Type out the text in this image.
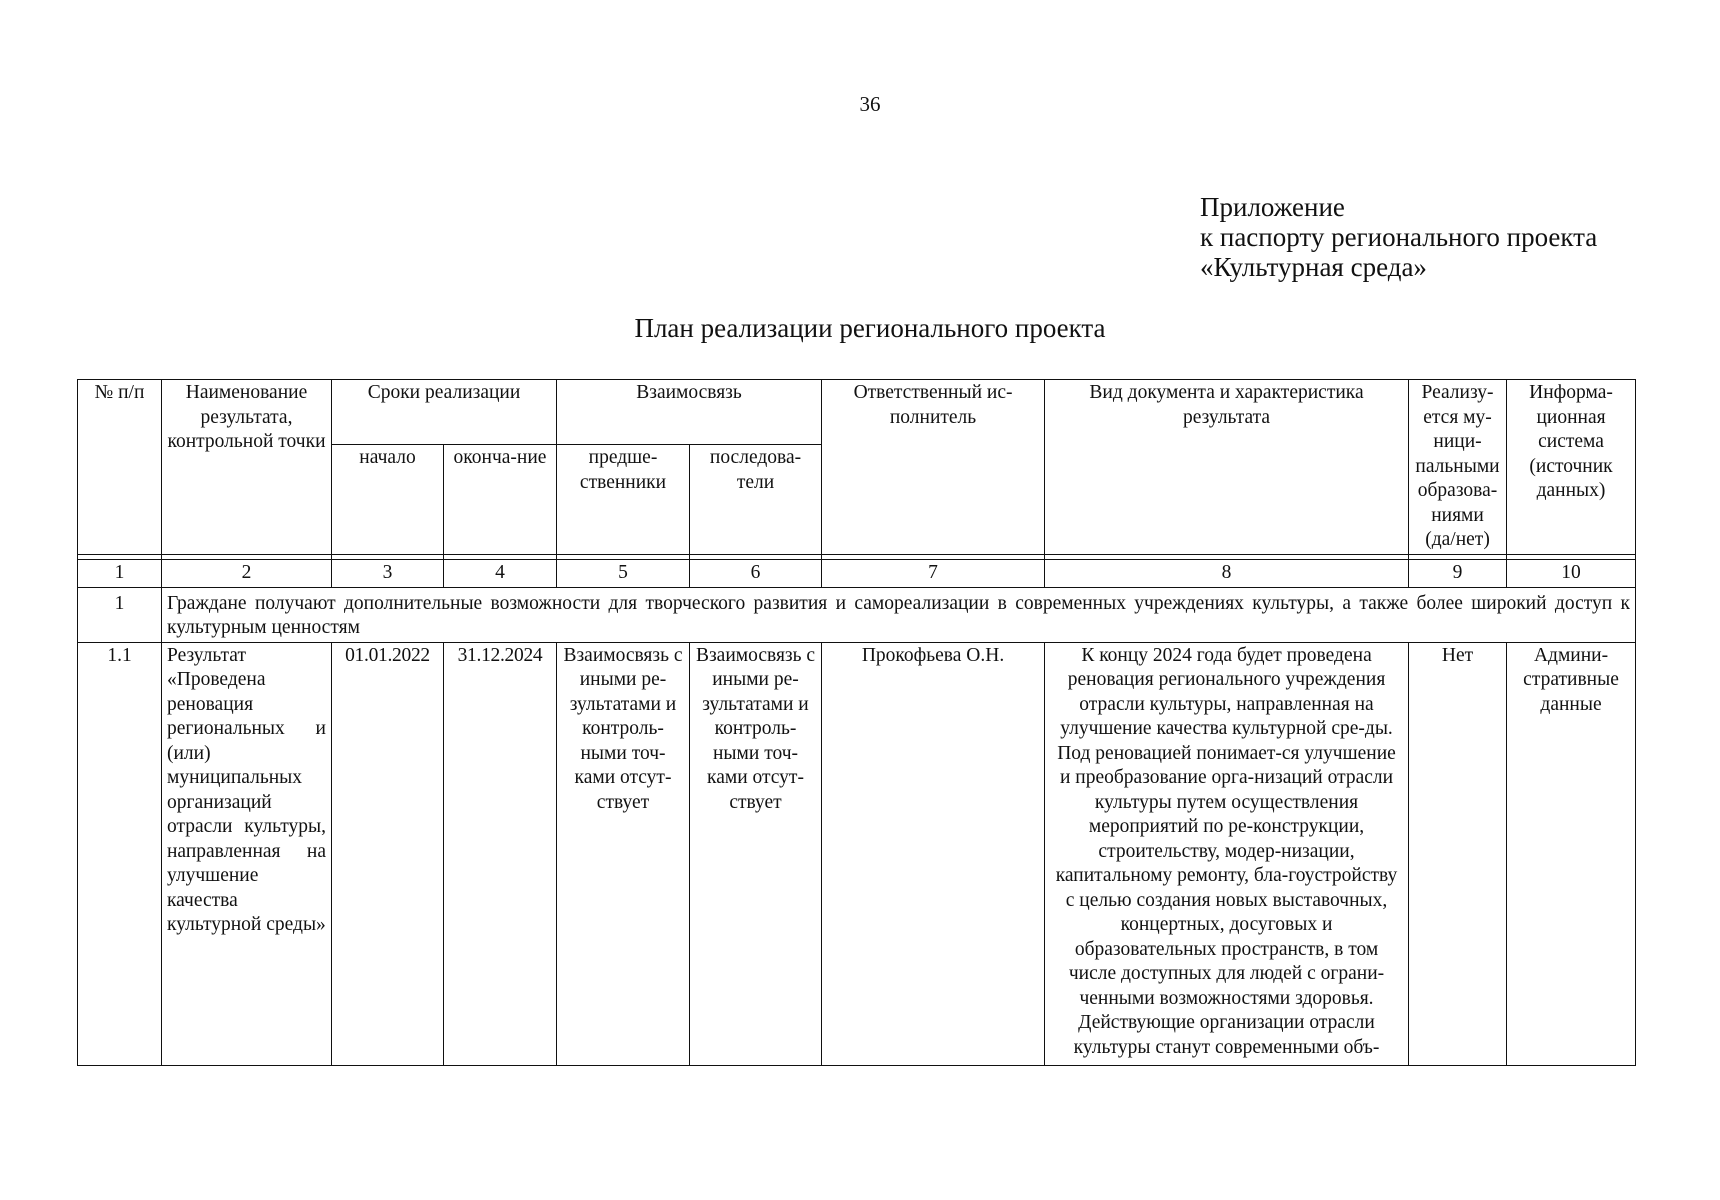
36
Приложение
к паспорту регионального проекта
«Культурная среда»
План реализации регионального проекта
№ п/п	Наименование результата, контрольной точки	Сроки реализации		Взаимосвязь		Ответственный ис-полнитель	Вид документа и характеристика результата	Реализу-ется му-ници-пальными образова-ниями (да/нет)	Информа-ционная система (источник данных)
		начало	оконча-ние	предше-ственники	последова-тели				

1	2	3	4	5	6	7	8	9	10
1	Граждане получают дополнительные возможности для творческого развития и самореализации в современных учреждениях культуры, а также более широкий доступ к культурным ценностям								
1.1	Результат «Проведена реновация региональных и (или) муниципальных организаций отрасли культуры, направленная на улучшение качества культурной среды»	01.01.2022	31.12.2024	Взаимосвязь с иными ре-зультатами и контроль-ными точ-ками отсут-ствует	Взаимосвязь с иными ре-зультатами и контроль-ными точ-ками отсут-ствует	Прокофьева О.Н.	К концу 2024 года будет проведена реновация регионального учреждения отрасли культуры, направленная на улучшение качества культурной сре-ды. Под реновацией понимает-ся улучшение и преобразование орга-низаций отрасли культуры путем осуществления мероприятий по ре-конструкции, строительству, модер-низации, капитальному ремонту, бла-гоустройству с целью создания новых выставочных, концертных, досуговых и образовательных пространств, в том числе доступных для людей с ограни-ченными возможностями здоровья. Действующие организации отрасли культуры станут современными объ-	Нет	Админи-стративные данные
